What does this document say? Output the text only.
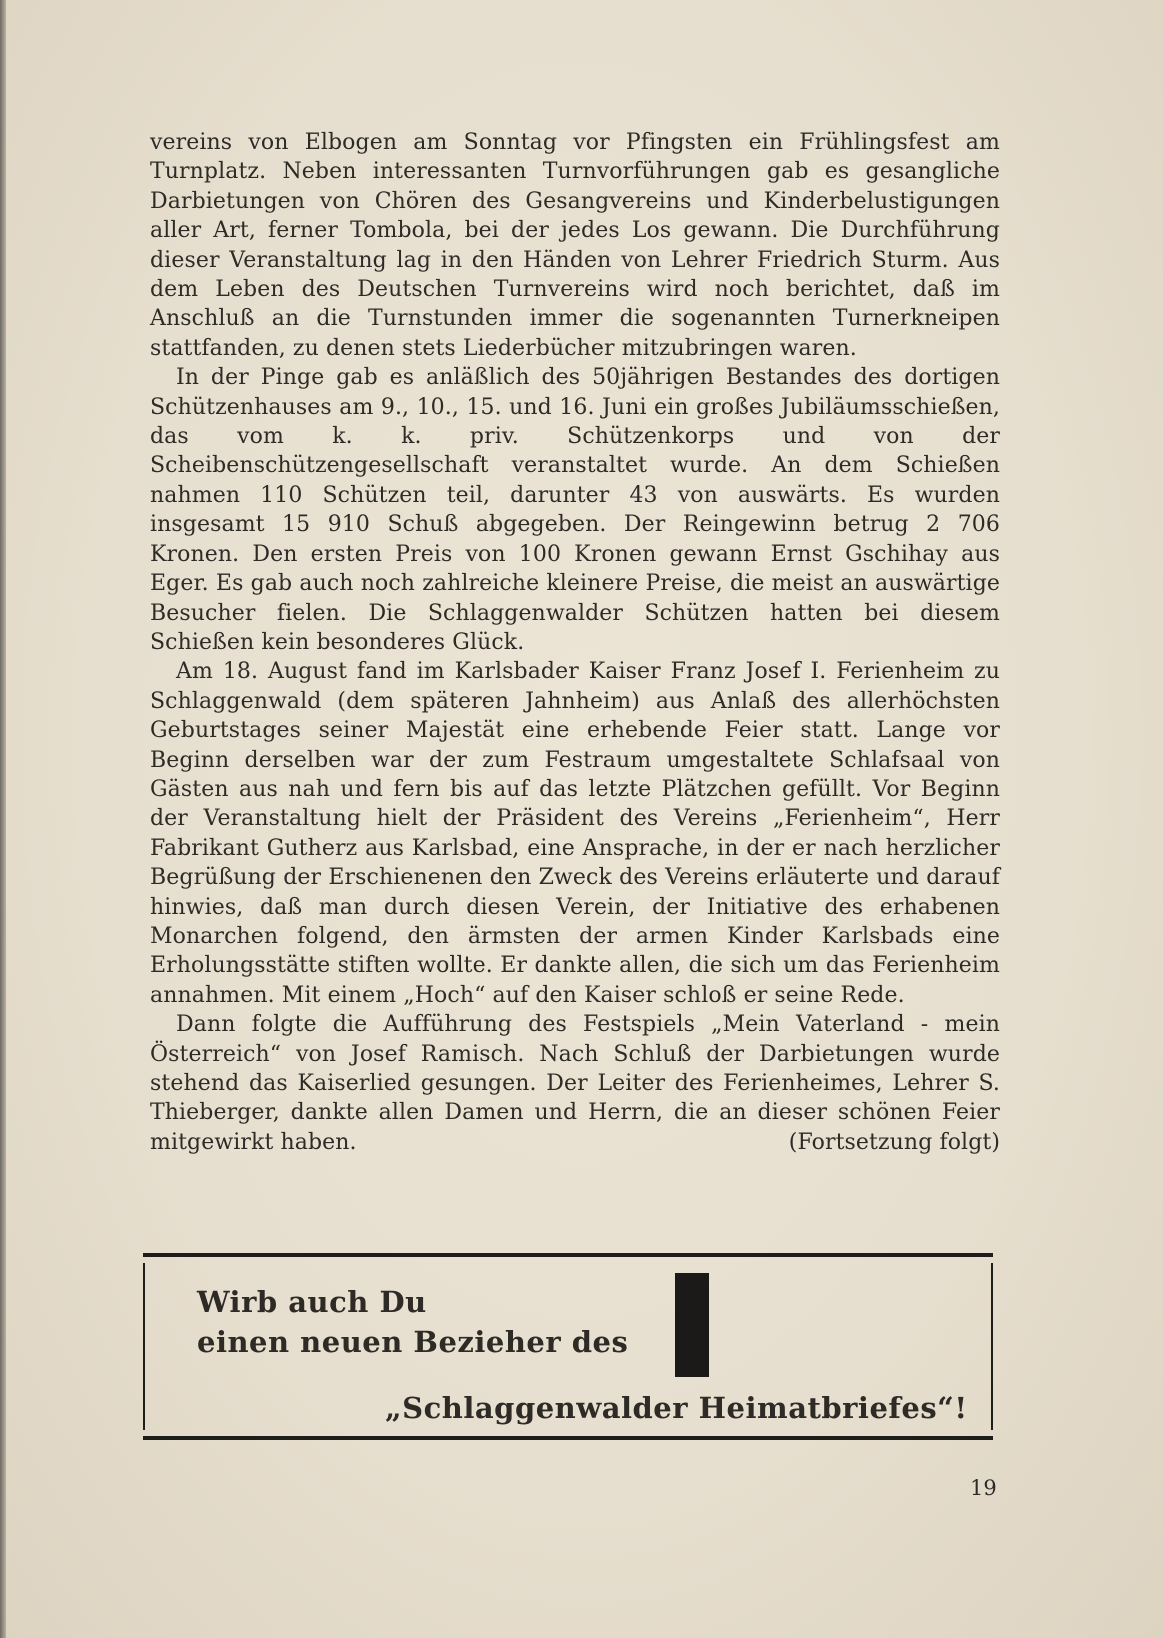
vereins von Elbogen am Sonntag vor Pfingsten ein Frühlingsfest am Turnplatz. Neben interessanten Turnvorführungen gab es gesangliche Darbietungen von Chören des Gesangvereins und Kinderbelustigungen aller Art, ferner Tombola, bei der jedes Los gewann. Die Durchführung dieser Veranstaltung lag in den Händen von Lehrer Friedrich Sturm. Aus dem Leben des Deutschen Turnvereins wird noch berichtet, daß im Anschluß an die Turnstunden immer die sogenannten Turnerkneipen stattfanden, zu denen stets Liederbücher mitzubringen waren.

In der Pinge gab es anläßlich des 50jährigen Bestandes des dortigen Schützenhauses am 9., 10., 15. und 16. Juni ein großes Jubiläumsschießen, das vom k. k. priv. Schützenkorps und von der Scheibenschützengesellschaft veranstaltet wurde. An dem Schießen nahmen 110 Schützen teil, darunter 43 von auswärts. Es wurden insgesamt 15 910 Schuß abgegeben. Der Reingewinn betrug 2 706 Kronen. Den ersten Preis von 100 Kronen gewann Ernst Gschihay aus Eger. Es gab auch noch zahlreiche kleinere Preise, die meist an auswärtige Besucher fielen. Die Schlaggenwalder Schützen hatten bei diesem Schießen kein besonderes Glück.

Am 18. August fand im Karlsbader Kaiser Franz Josef I. Ferienheim zu Schlaggenwald (dem späteren Jahnheim) aus Anlaß des allerhöchsten Geburtstages seiner Majestät eine erhebende Feier statt. Lange vor Beginn derselben war der zum Festraum umgestaltete Schlafsaal von Gästen aus nah und fern bis auf das letzte Plätzchen gefüllt. Vor Beginn der Veranstaltung hielt der Präsident des Vereins „Ferienheim“, Herr Fabrikant Gutherz aus Karlsbad, eine Ansprache, in der er nach herzlicher Begrüßung der Erschienenen den Zweck des Vereins erläuterte und darauf hinwies, daß man durch diesen Verein, der Initiative des erhabenen Monarchen folgend, den ärmsten der armen Kinder Karlsbads eine Erholungsstätte stiften wollte. Er dankte allen, die sich um das Ferienheim annahmen. Mit einem „Hoch“ auf den Kaiser schloß er seine Rede.

Dann folgte die Aufführung des Festspiels „Mein Vaterland - mein Österreich“ von Josef Ramisch. Nach Schluß der Darbietungen wurde stehend das Kaiserlied gesungen. Der Leiter des Ferienheimes, Lehrer S. Thieberger, dankte allen Damen und Herrn, die an dieser schönen Feier mitgewirkt haben.	(Fortsetzung folgt)

Wirb auch Du
einen neuen Bezieher des
„Schlaggenwalder Heimatbriefes“!
19
